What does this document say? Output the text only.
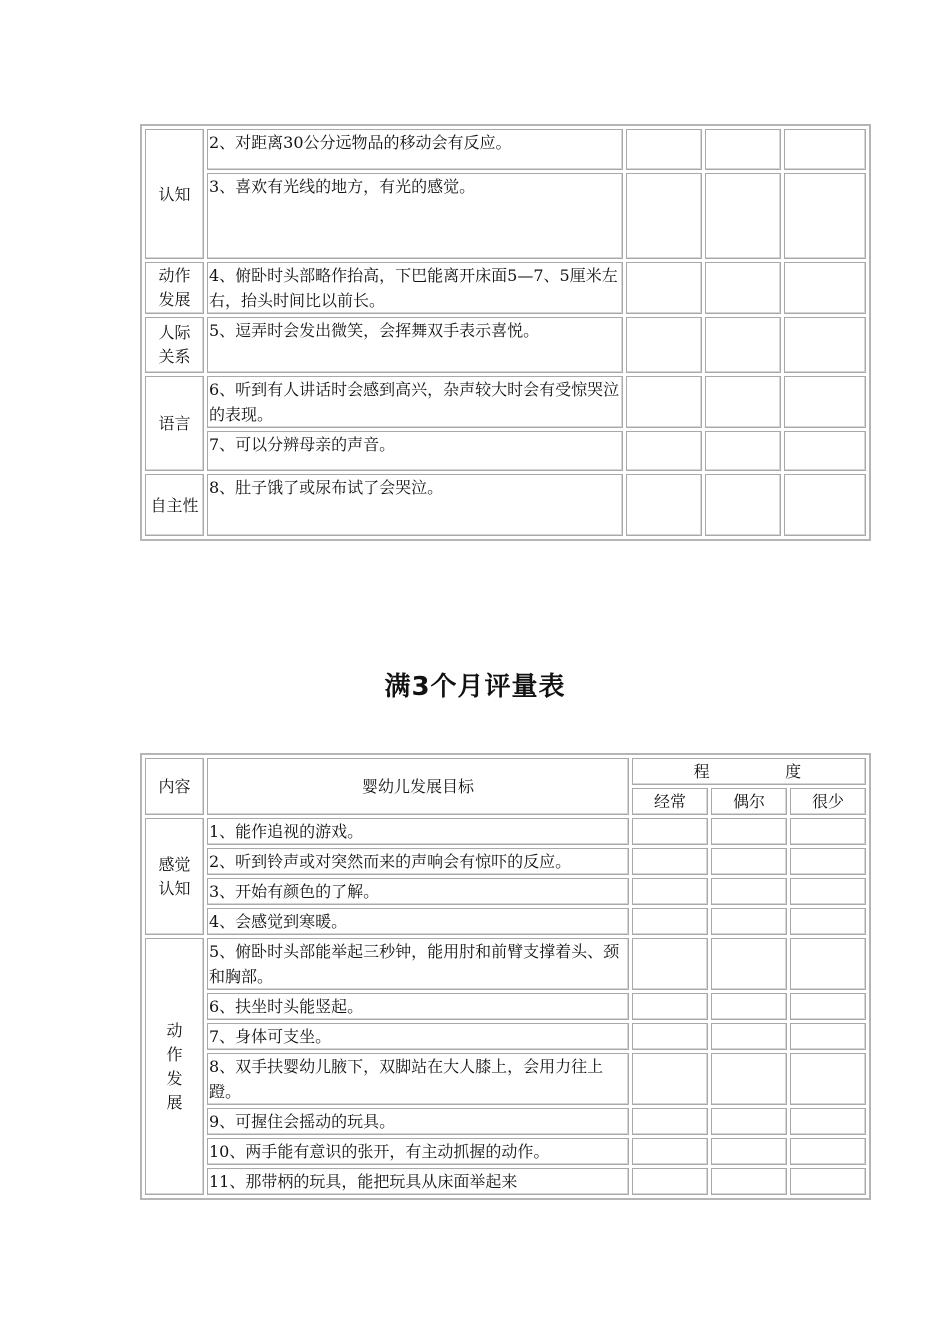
认知	2、对距离30公分远物品的移动会有反应。			
	3、喜欢有光线的地方，有光的感觉。			
动作发展	4、俯卧时头部略作抬高，下巴能离开床面5—7、5厘米左右，抬头时间比以前长。			
人际关系	5、逗弄时会发出微笑，会挥舞双手表示喜悦。			
语言	6、听到有人讲话时会感到高兴，杂声较大时会有受惊哭泣的表现。			
	7、可以分辨母亲的声音。			
自主性	8、肚子饿了或尿布试了会哭泣。			
满3个月评量表
内容	婴幼儿发展目标	程 度		
		经常	偶尔	很少
感觉认知	1、能作追视的游戏。			
	2、听到铃声或对突然而来的声响会有惊吓的反应。			
	3、开始有颜色的了解。			
	4、会感觉到寒暖。			
动作发展	5、俯卧时头部能举起三秒钟，能用肘和前臂支撑着头、颈和胸部。			
	6、扶坐时头能竖起。			
	7、身体可支坐。			
	8、双手扶婴幼儿腋下，双脚站在大人膝上，会用力往上蹬。			
	9、可握住会摇动的玩具。			
	10、两手能有意识的张开，有主动抓握的动作。			
	11、那带柄的玩具，能把玩具从床面举起来			
